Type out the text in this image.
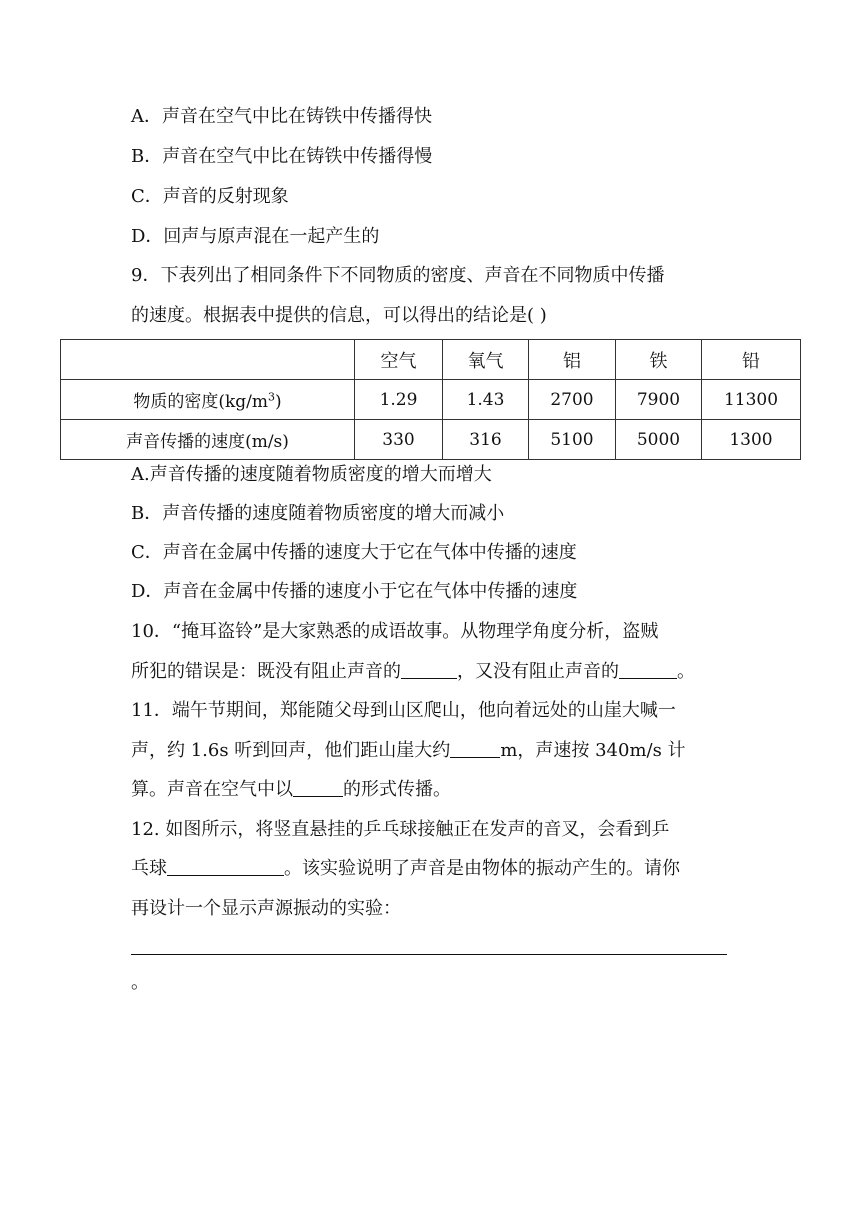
A．声音在空气中比在铸铁中传播得快
B．声音在空气中比在铸铁中传播得慢
C．声音的反射现象
D．回声与原声混在一起产生的
9．下表列出了相同条件下不同物质的密度、声音在不同物质中传播
的速度。根据表中提供的信息，可以得出的结论是( )
	空气	氧气	铝	铁	铅
物质的密度$(kg/m^3)$	1.29	1.43	2700	7900	11300
声音传播的速度(m/s)	330	316	5100	5000	1300
A.声音传播的速度随着物质密度的增大而增大
B．声音传播的速度随着物质密度的增大而减小
C．声音在金属中传播的速度大于它在气体中传播的速度
D．声音在金属中传播的速度小于它在气体中传播的速度
10．“掩耳盗铃”是大家熟悉的成语故事。从物理学角度分析，盗贼
所犯的错误是：既没有阻止声音的	，又没有阻止声音的	。
11．端午节期间，郑能随父母到山区爬山，他向着远处的山崖大喊一
声，约 1.6s 听到回声，他们距山崖大约	m，声速按 340m/s 计
算。声音在空气中以	的形式传播。
12. 如图所示，将竖直悬挂的乒乓球接触正在发声的音叉，会看到乒
乓球	。该实验说明了声音是由物体的振动产生的。请你
再设计一个显示声源振动的实验：
。
